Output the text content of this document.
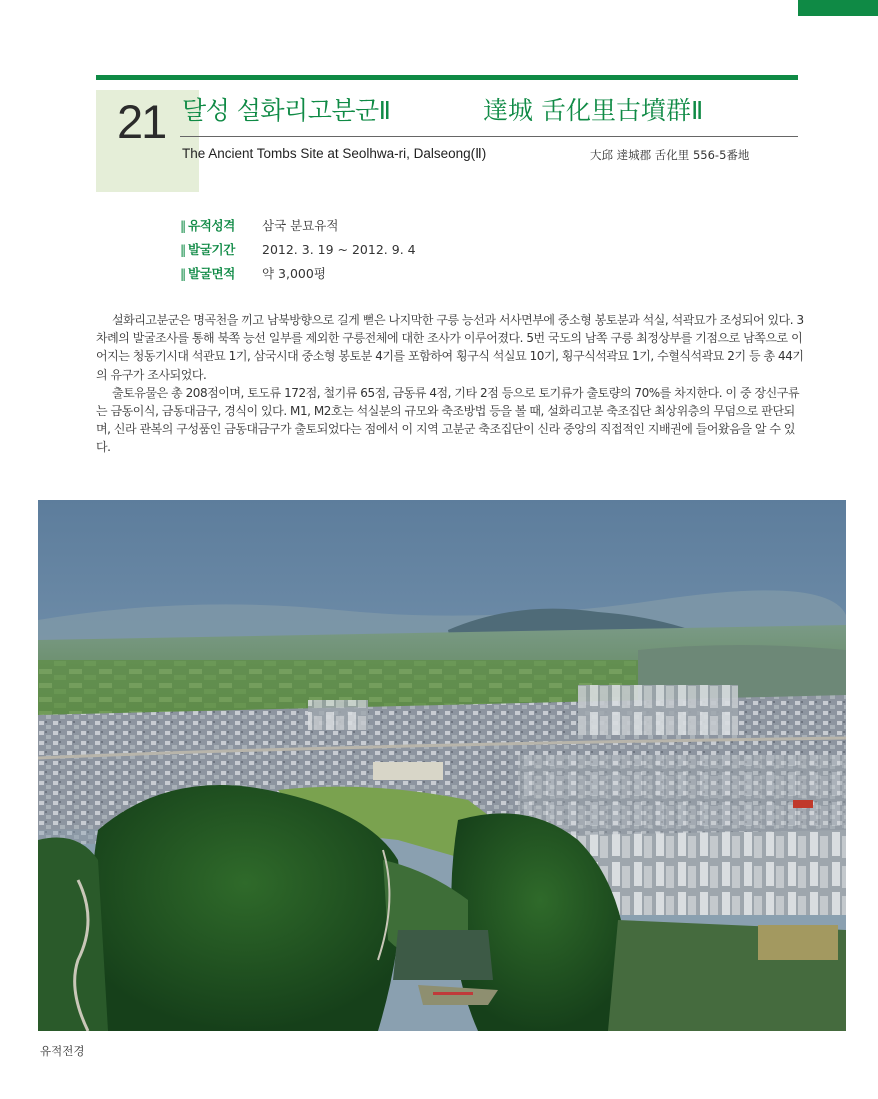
21 달성 설화리고분군Ⅱ	達城 舌化里古墳群Ⅱ
The Ancient Tombs Site at Seolhwa-ri, Dalseong(Ⅱ)	大邱 達城郡 舌化里 556-5番地
‖ 유적성격	삼국 분묘유적
‖ 발굴기간	2012. 3. 19 ~ 2012. 9. 4
‖ 발굴면적	약 3,000평

설화리고분군은 명곡천을 끼고 남북방향으로 길게 뻗은 나지막한 구릉 능선과 서사면부에 중소형 봉토분과 석실, 석곽묘가 조성되어 있다. 3차례의 발굴조사를 통해 북쪽 능선 일부를 제외한 구릉전체에 대한 조사가 이루어졌다. 5번 국도의 남쪽 구릉 최정상부를 기점으로 남쪽으로 이어지는 청동기시대 석관묘 1기, 삼국시대 중소형 봉토분 4기를 포함하여 횡구식 석실묘 10기, 횡구식석곽묘 1기, 수혈식석곽묘 2기 등 총 44기의 유구가 조사되었다.

출토유물은 총 208점이며, 토도류 172점, 철기류 65점, 금동류 4점, 기타 2점 등으로 토기류가 출토량의 70%를 차지한다. 이 중 장신구류는 금동이식, 금동대금구, 경식이 있다. M1, M2호는 석실분의 규모와 축조방법 등을 볼 때, 설화리고분 축조집단 최상위층의 무덤으로 판단되며, 신라 관복의 구성품인 금동대금구가 출토되었다는 점에서 이 지역 고분군 축조집단이 신라 중앙의 직접적인 지배권에 들어왔음을 알 수 있다.

유적전경
